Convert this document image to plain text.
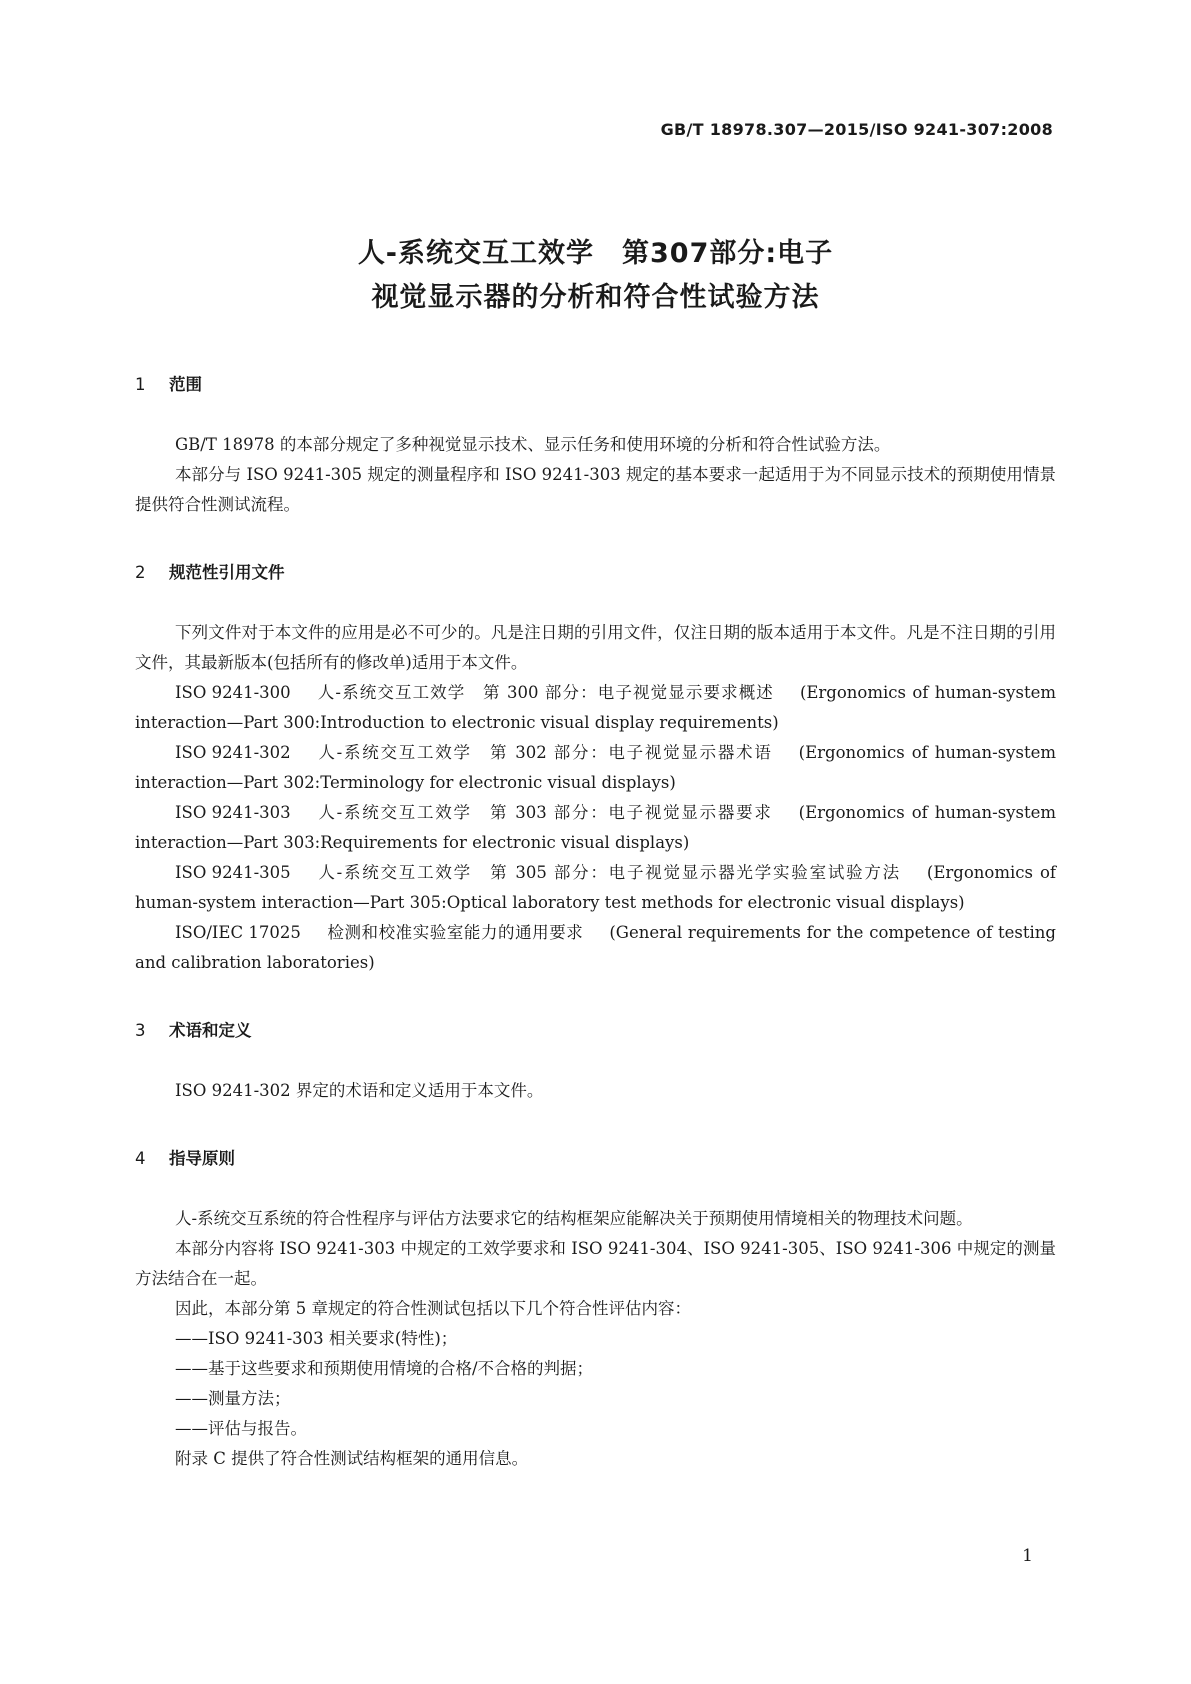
GB/T 18978.307—2015/ISO 9241-307:2008
人-系统交互工效学　第307部分:电子
视觉显示器的分析和符合性试验方法
1 范围

GB/T 18978 的本部分规定了多种视觉显示技术、显示任务和使用环境的分析和符合性试验方法。

本部分与 ISO 9241-305 规定的测量程序和 ISO 9241-303 规定的基本要求一起适用于为不同显示技术的预期使用情景提供符合性测试流程。

2 规范性引用文件

下列文件对于本文件的应用是必不可少的。凡是注日期的引用文件，仅注日期的版本适用于本文件。凡是不注日期的引用文件，其最新版本(包括所有的修改单)适用于本文件。

ISO 9241-300 人-系统交互工效学　第 300 部分：电子视觉显示要求概述 (Ergonomics of human-system interaction—Part 300:Introduction to electronic visual display requirements)

ISO 9241-302 人-系统交互工效学　第 302 部分：电子视觉显示器术语 (Ergonomics of human-system interaction—Part 302:Terminology for electronic visual displays)

ISO 9241-303 人-系统交互工效学　第 303 部分：电子视觉显示器要求 (Ergonomics of human-system interaction—Part 303:Requirements for electronic visual displays)

ISO 9241-305 人-系统交互工效学　第 305 部分：电子视觉显示器光学实验室试验方法 (Ergonomics of human-system interaction—Part 305:Optical laboratory test methods for electronic visual displays)

ISO/IEC 17025 检测和校准实验室能力的通用要求 (General requirements for the competence of testing and calibration laboratories)

3 术语和定义

ISO 9241-302 界定的术语和定义适用于本文件。

4 指导原则

人-系统交互系统的符合性程序与评估方法要求它的结构框架应能解决关于预期使用情境相关的物理技术问题。

本部分内容将 ISO 9241-303 中规定的工效学要求和 ISO 9241-304、ISO 9241-305、ISO 9241-306 中规定的测量方法结合在一起。

因此，本部分第 5 章规定的符合性测试包括以下几个符合性评估内容：

——ISO 9241-303 相关要求(特性)；

——基于这些要求和预期使用情境的合格/不合格的判据；

——测量方法；

——评估与报告。

附录 C 提供了符合性测试结构框架的通用信息。

1
